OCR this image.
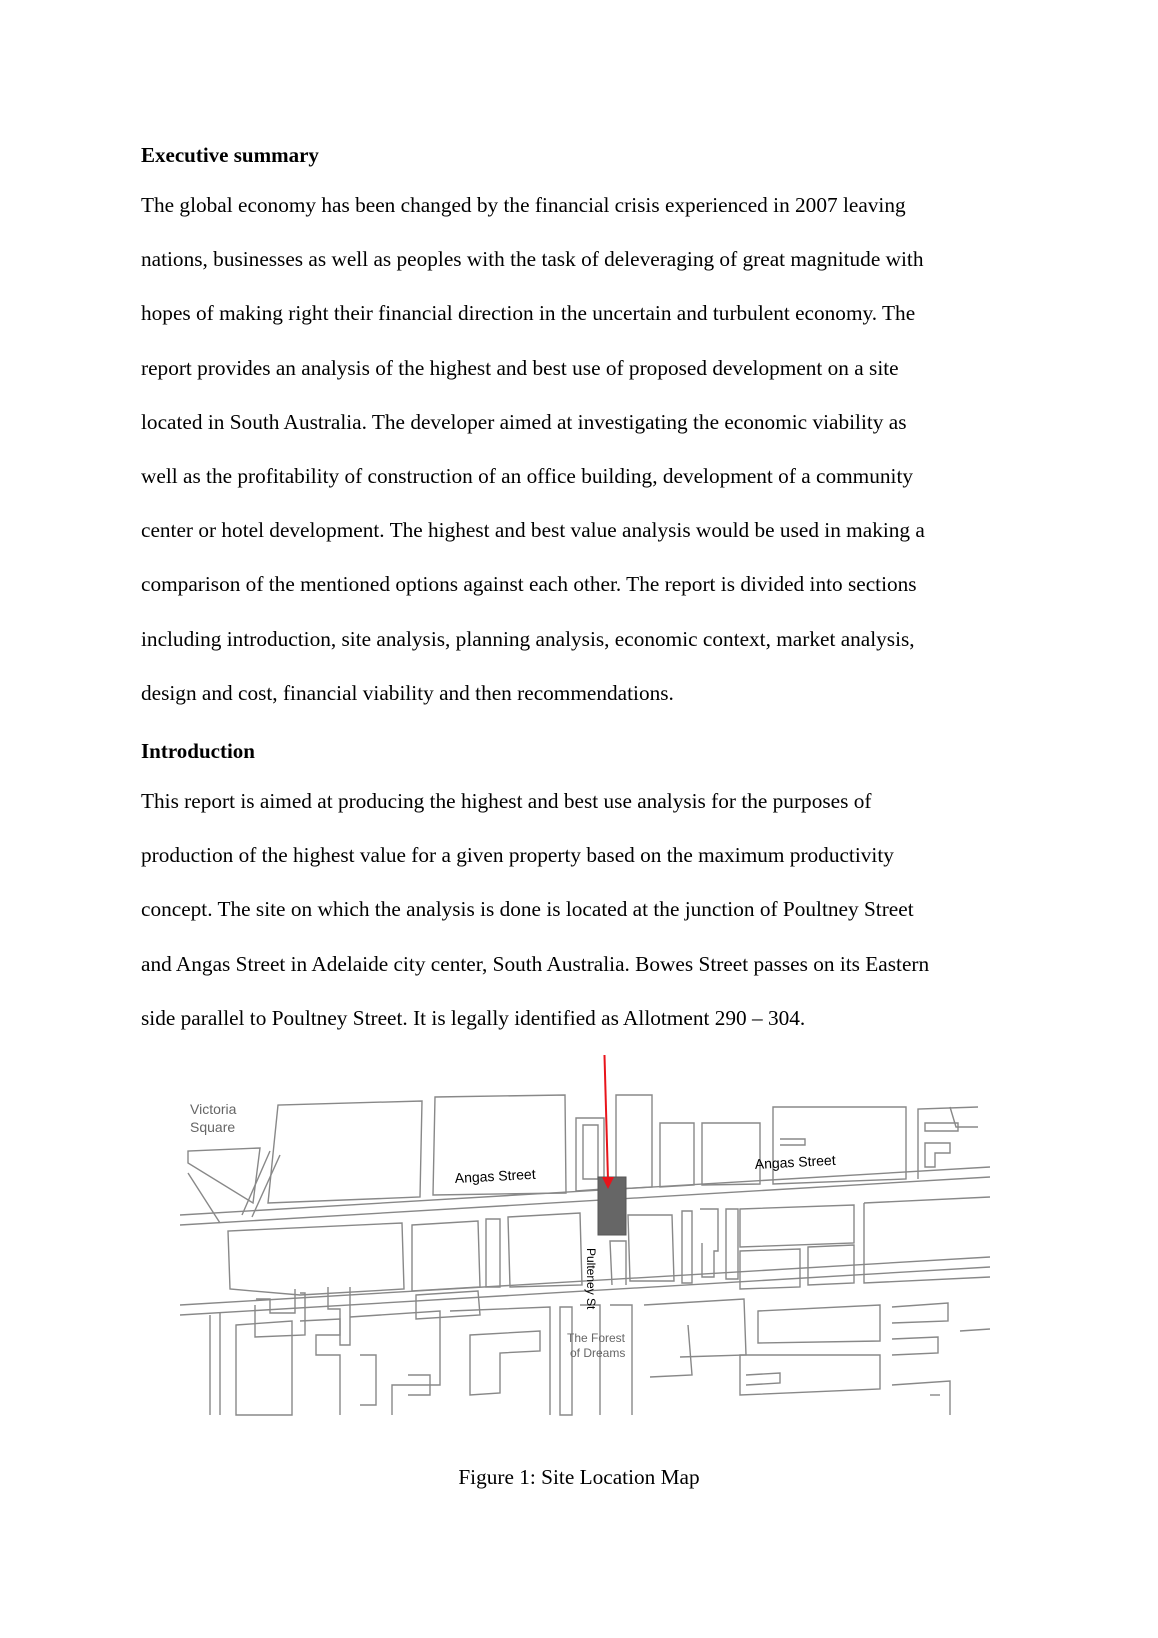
Executive summary
The global economy has been changed by the financial crisis experienced in 2007 leaving
nations, businesses as well as peoples with the task of deleveraging of great magnitude with
hopes of making right their financial direction in the uncertain and turbulent economy. The
report provides an analysis of the highest and best use of proposed development on a site
located in South Australia. The developer aimed at investigating the economic viability as
well as the profitability of construction of an office building, development of a community
center or hotel development. The highest and best value analysis would be used in making a
comparison of the mentioned options against each other. The report is divided into sections
including introduction, site analysis, planning analysis, economic context, market analysis,
design and cost, financial viability and then recommendations.
Introduction
This report is aimed at producing the highest and best use analysis for the purposes of
production of the highest value for a given property based on the maximum productivity
concept. The site on which the analysis is done is located at the junction of Poultney Street
and Angas Street in Adelaide city center, South Australia. Bowes Street passes on its Eastern
side parallel to Poultney Street. It is legally identified as Allotment 290 – 304.
Victoria
Square
Angas Street
Angas Street
Pulteney St
The Forest
of Dreams

Figure 1: Site Location Map
